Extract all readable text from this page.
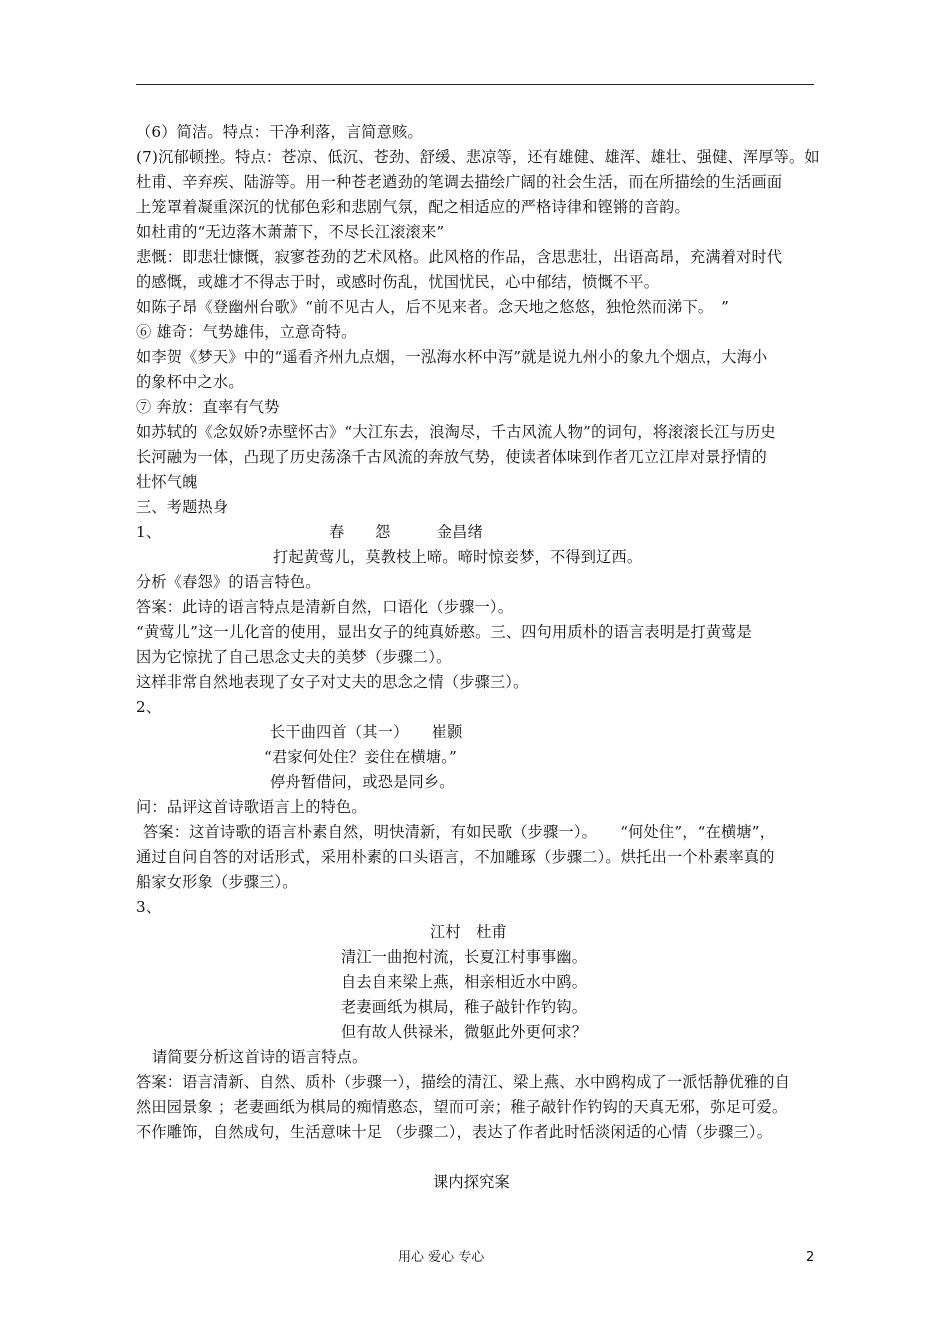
（6）简洁。特点：干净利落，言简意赅。
(7)沉郁顿挫。特点：苍凉、低沉、苍劲、舒缓、悲凉等，还有雄健、雄浑、雄壮、强健、浑厚等。如
杜甫、辛弃疾、陆游等。用一种苍老遒劲的笔调去描绘广阔的社会生活，而在所描绘的生活画面
上笼罩着凝重深沉的忧郁色彩和悲剧气氛，配之相适应的严格诗律和铿锵的音韵。
如杜甫的“无边落木萧萧下，不尽长江滚滚来”
悲慨：即悲壮慷慨，寂寥苍劲的艺术风格。此风格的作品，含思悲壮，出语高昂，充满着对时代
的感慨，或雄才不得志于时，或感时伤乱，忧国忧民，心中郁结，愤慨不平。
如陈子昂《登幽州台歌》“前不见古人，后不见来者。念天地之悠悠，独怆然而涕下。　”
⑥ 雄奇：气势雄伟，立意奇特。
如李贺《梦天》中的“遥看齐州九点烟，一泓海水杯中泻”就是说九州小的象九个烟点，大海小
的象杯中之水。
⑦ 奔放：直率有气势
如苏轼的《念奴娇?赤壁怀古》“大江东去，浪淘尽，千古风流人物”的词句，将滚滚长江与历史
长河融为一体，凸现了历史荡涤千古风流的奔放气势，使读者体味到作者兀立江岸对景抒情的
壮怀气魄
三、考题热身
1、	春　　怨　　　金昌绪
打起黄莺儿，莫教枝上啼。啼时惊妾梦，不得到辽西。
分析《春怨》的语言特色。
答案：此诗的语言特点是清新自然，口语化（步骤一）。
“黄莺儿”这一儿化音的使用，显出女子的纯真娇憨。三、四句用质朴的语言表明是打黄莺是
因为它惊扰了自己思念丈夫的美梦（步骤二）。
这样非常自然地表现了女子对丈夫的思念之情（步骤三）。
2、
长干曲四首（其一）　　崔颢
“君家何处住？妾住在横塘。”
停舟暂借问，或恐是同乡。
问：品评这首诗歌语言上的特色。
答案：这首诗歌的语言朴素自然，明快清新，有如民歌（步骤一）。　　“何处住”，“在横塘”，
通过自问自答的对话形式，采用朴素的口头语言，不加雕琢（步骤二）。烘托出一个朴素率真的
船家女形象（步骤三）。
3、
江村　杜甫
清江一曲抱村流，长夏江村事事幽。
自去自来梁上燕，相亲相近水中鸥。
老妻画纸为棋局，稚子敲针作钓钩。
但有故人供禄米，微躯此外更何求？
请简要分析这首诗的语言特点。
答案：语言清新、自然、质朴（步骤一），描绘的清江、梁上燕、水中鸥构成了一派恬静优雅的自
然田园景象 ；老妻画纸为棋局的痴情憨态，望而可亲；稚子敲针作钓钩的天真无邪，弥足可爱。
不作雕饰，自然成句，生活意味十足 （步骤二），表达了作者此时恬淡闲适的心情（步骤三）。
课内探究案
用心 爱心 专心	2
